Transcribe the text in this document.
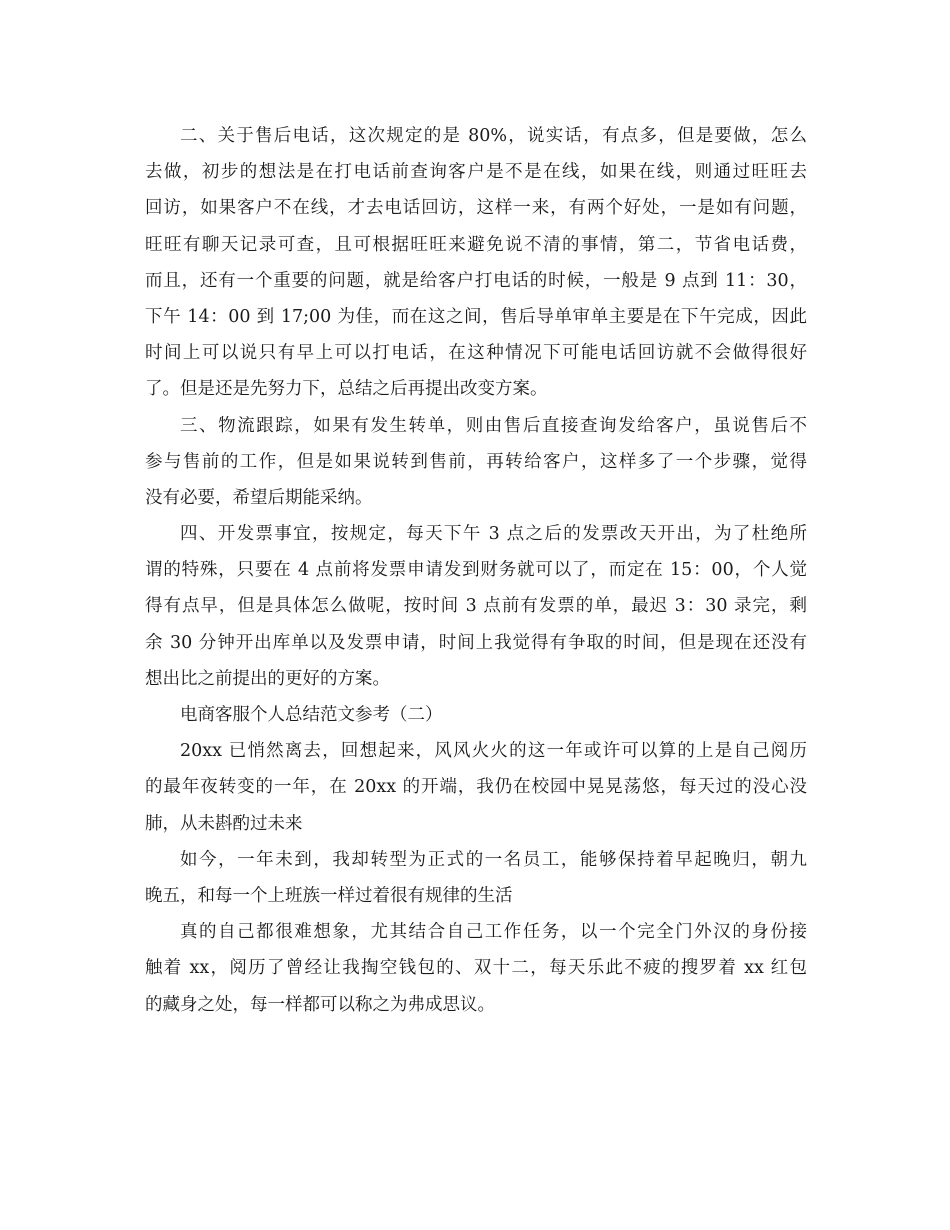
二、关于售后电话，这次规定的是 80%，说实话，有点多，但是要做，怎么
去做，初步的想法是在打电话前查询客户是不是在线，如果在线，则通过旺旺去
回访，如果客户不在线，才去电话回访，这样一来，有两个好处，一是如有问题，
旺旺有聊天记录可查，且可根据旺旺来避免说不清的事情，第二，节省电话费，
而且，还有一个重要的问题，就是给客户打电话的时候，一般是 9 点到 11：30，
下午 14：00 到 17;00 为佳，而在这之间，售后导单审单主要是在下午完成，因此
时间上可以说只有早上可以打电话，在这种情况下可能电话回访就不会做得很好
了。但是还是先努力下，总结之后再提出改变方案。
三、物流跟踪，如果有发生转单，则由售后直接查询发给客户，虽说售后不
参与售前的工作，但是如果说转到售前，再转给客户，这样多了一个步骤，觉得
没有必要，希望后期能采纳。
四、开发票事宜，按规定，每天下午 3 点之后的发票改天开出，为了杜绝所
谓的特殊，只要在 4 点前将发票申请发到财务就可以了，而定在 15：00，个人觉
得有点早，但是具体怎么做呢，按时间 3 点前有发票的单，最迟 3：30 录完，剩
余 30 分钟开出库单以及发票申请，时间上我觉得有争取的时间，但是现在还没有
想出比之前提出的更好的方案。
电商客服个人总结范文参考（二）
20xx 已悄然离去，回想起来，风风火火的这一年或许可以算的上是自己阅历
的最年夜转变的一年，在 20xx 的开端，我仍在校园中晃晃荡悠，每天过的没心没
肺，从未斟酌过未来
如今，一年未到，我却转型为正式的一名员工，能够保持着早起晚归，朝九
晚五，和每一个上班族一样过着很有规律的生活
真的自己都很难想象，尤其结合自己工作任务，以一个完全门外汉的身份接
触着 xx，阅历了曾经让我掏空钱包的、双十二，每天乐此不疲的搜罗着 xx 红包
的藏身之处，每一样都可以称之为弗成思议。
